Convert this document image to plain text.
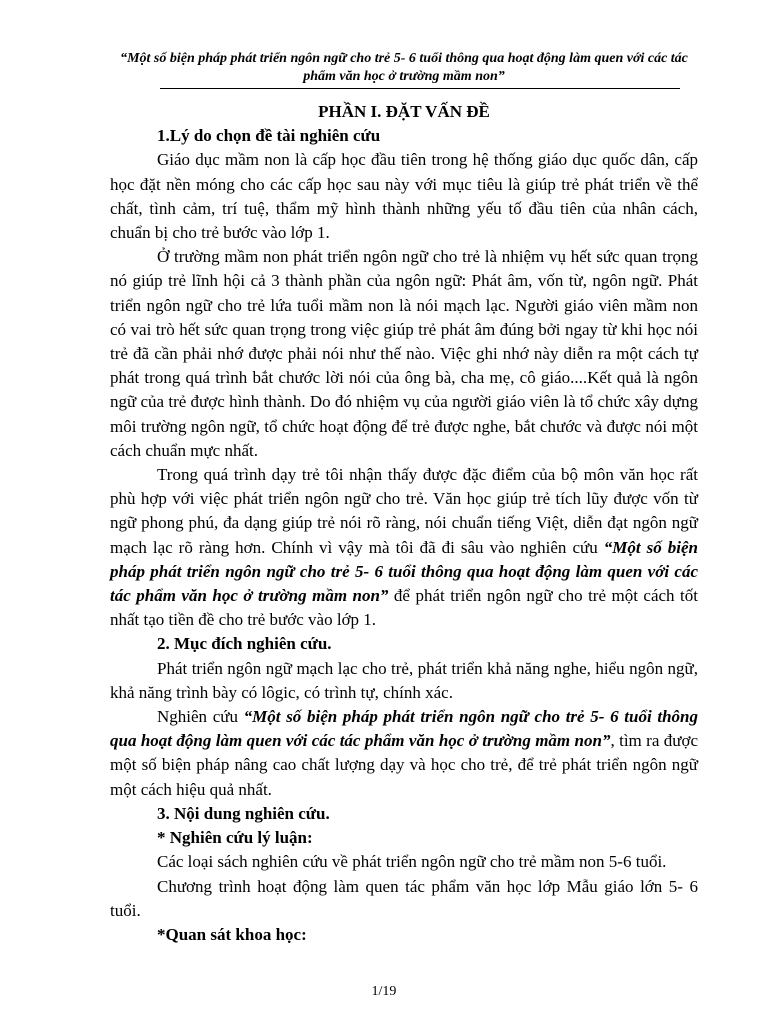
“Một số biện pháp phát triển ngôn ngữ cho trẻ 5- 6 tuổi thông qua hoạt động làm quen với các tác phẩm văn học ở trường mầm non”

PHẦN I. ĐẶT VẤN ĐỀ

1.Lý do chọn đề tài nghiên cứu

Giáo dục mầm non là cấp học đầu tiên trong hệ thống giáo dục quốc dân, cấp học đặt nền móng cho các cấp học sau này với mục tiêu là giúp trẻ phát triển về thể chất, tình cảm, trí tuệ, thẩm mỹ hình thành những yếu tố đầu tiên của nhân cách, chuẩn bị cho trẻ bước vào lớp 1.

Ở trường mầm non phát triển ngôn ngữ cho trẻ là nhiệm vụ hết sức quan trọng nó giúp trẻ lĩnh hội cả 3 thành phần của ngôn ngữ: Phát âm, vốn từ, ngôn ngữ. Phát triển ngôn ngữ cho trẻ lứa tuổi mầm non là nói mạch lạc. Người giáo viên mầm non có vai trò hết sức quan trọng trong việc giúp trẻ phát âm đúng bởi ngay từ khi học nói trẻ đã cần phải nhớ được phải nói như thế nào. Việc ghi nhớ này diễn ra một cách tự phát trong quá trình bắt chước lời nói của ông bà, cha mẹ, cô giáo....Kết quả là ngôn ngữ của trẻ được hình thành. Do đó nhiệm vụ của người giáo viên là tổ chức xây dựng môi trường ngôn ngữ, tổ chức hoạt động để trẻ được nghe, bắt chước và được nói một cách chuẩn mực nhất.

Trong quá trình dạy trẻ tôi nhận thấy được đặc điểm của bộ môn văn học rất phù hợp với việc phát triển ngôn ngữ cho trẻ. Văn học giúp trẻ tích lũy được vốn từ ngữ phong phú, đa dạng giúp trẻ nói rõ ràng, nói chuẩn tiếng Việt, diễn đạt ngôn ngữ mạch lạc rõ ràng hơn. Chính vì vậy mà tôi đã đi sâu vào nghiên cứu “Một số biện pháp phát triển ngôn ngữ cho trẻ 5- 6 tuổi thông qua hoạt động làm quen với các tác phẩm văn học ở trường mầm non” để phát triển ngôn ngữ cho trẻ một cách tốt nhất tạo tiền đề cho trẻ bước vào lớp 1.

2. Mục đích nghiên cứu.

Phát triển ngôn ngữ mạch lạc cho trẻ, phát triển khả năng nghe, hiểu ngôn ngữ, khả năng trình bày có lôgic, có trình tự, chính xác.

Nghiên cứu “Một số biện pháp phát triển ngôn ngữ cho trẻ 5- 6 tuổi thông qua hoạt động làm quen với các tác phẩm văn học ở trường mầm non”, tìm ra được một số biện pháp nâng cao chất lượng dạy và học cho trẻ, để trẻ phát triển ngôn ngữ một cách hiệu quả nhất.

3. Nội dung nghiên cứu.

* Nghiên cứu lý luận:

Các loại sách nghiên cứu về phát triển ngôn ngữ cho trẻ mầm non 5-6 tuổi.

Chương trình hoạt động làm quen tác phẩm văn học lớp Mẫu giáo lớn 5- 6 tuổi.

*Quan sát khoa học:

1/19
